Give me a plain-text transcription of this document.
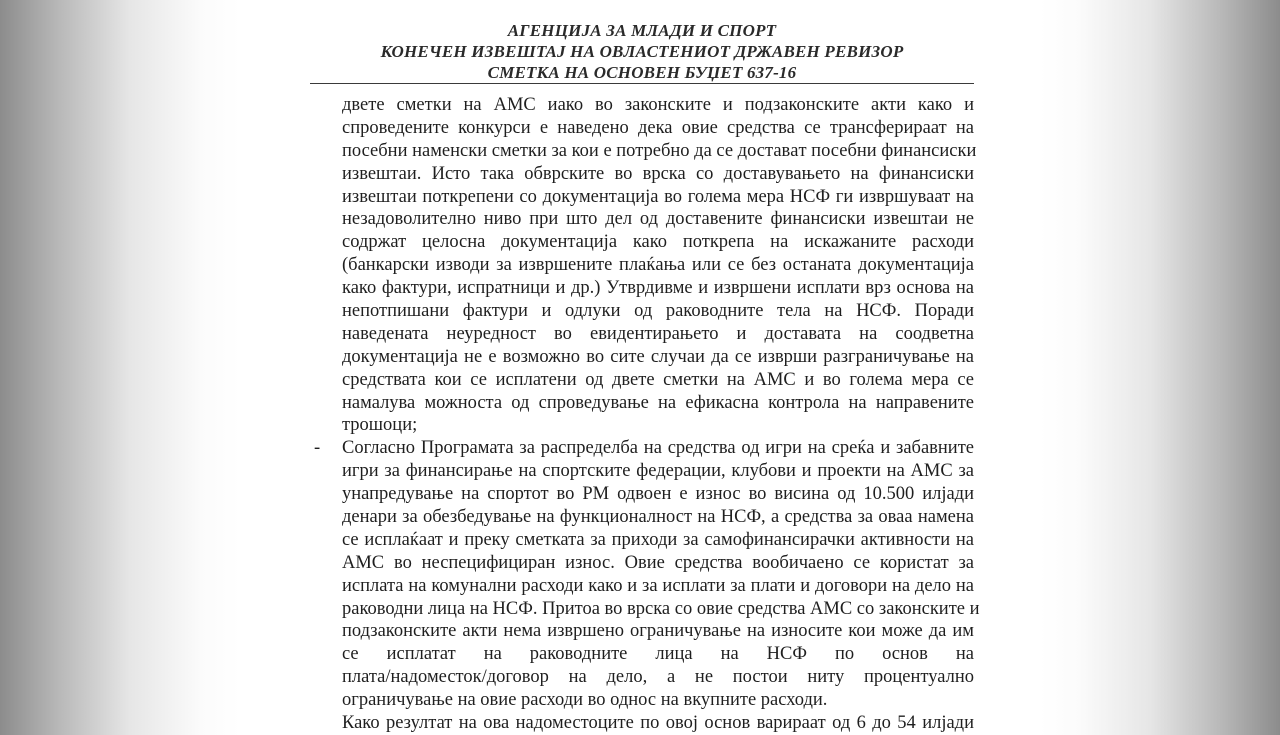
АГЕНЦИЈА ЗА МЛАДИ И СПОРТ
КОНЕЧЕН ИЗВЕШТАЈ НА ОВЛАСТЕНИОТ ДРЖАВЕН РЕВИЗОР
СМЕТКА НА ОСНОВЕН БУЏЕТ 637-16
двете сметки на АМС иако во законските и подзаконските акти како и
спроведените конкурси е наведено дека овие средства се трансферираат на
посебни наменски сметки за кои е потребно да се доставaт посебни финансиски
извештаи. Исто така обврските во врска со доставувањето на финансиски
извештаи поткрепени со документација во голема мера НСФ ги извршуваат на
незадоволително ниво при што дел од доставените финансиски извештаи не
содржат целосна документација како поткрепа на искажаните расходи
(банкарски изводи за извршените плаќања или се без останата документација
како фактури, испратници и др.) Утврдивме и извршени исплати врз основа на
непотпишани фактури и одлуки од раководните тела на НСФ. Поради
наведената неуредност во евидентирањето и доставата на соодветна
документација не е возможно во сите случаи да се изврши разграничување на
средствата кои се исплатени од двете сметки на АМС и во голема мера се
намалува можноста од спроведување на ефикасна контрола на направените
трошоци;
- Согласно Програмата за распределба на средства од игри на среќа и забавните
игри за финансирање на спортските федерации, клубови и проекти на АМС за
унапредување на спортот во РМ одвоен е износ во висина од 10.500 илјади
денари за обезбедување на функционалност на НСФ, а средства за оваа намена
се исплаќаат и преку сметката за приходи за самофинансирачки активности на
АМС во неспецифициран износ. Овие средства вообичаено се користат за
исплата на комунални расходи како и за исплати за плати и договори на дело на
раководни лица на НСФ. Притоа во врска со овие средства АМС со законските и
подзаконските акти нема извршено ограничување на износите кои може да им
се исплатат на раководните лица на НСФ по основ на
плата/надоместок/договор на дело, а не постои ниту процентуално
ограничување на овие расходи во однос на вкупните расходи.
Како резултат на ова надоместоците по овој основ варираат од 6 до 54 илјади
